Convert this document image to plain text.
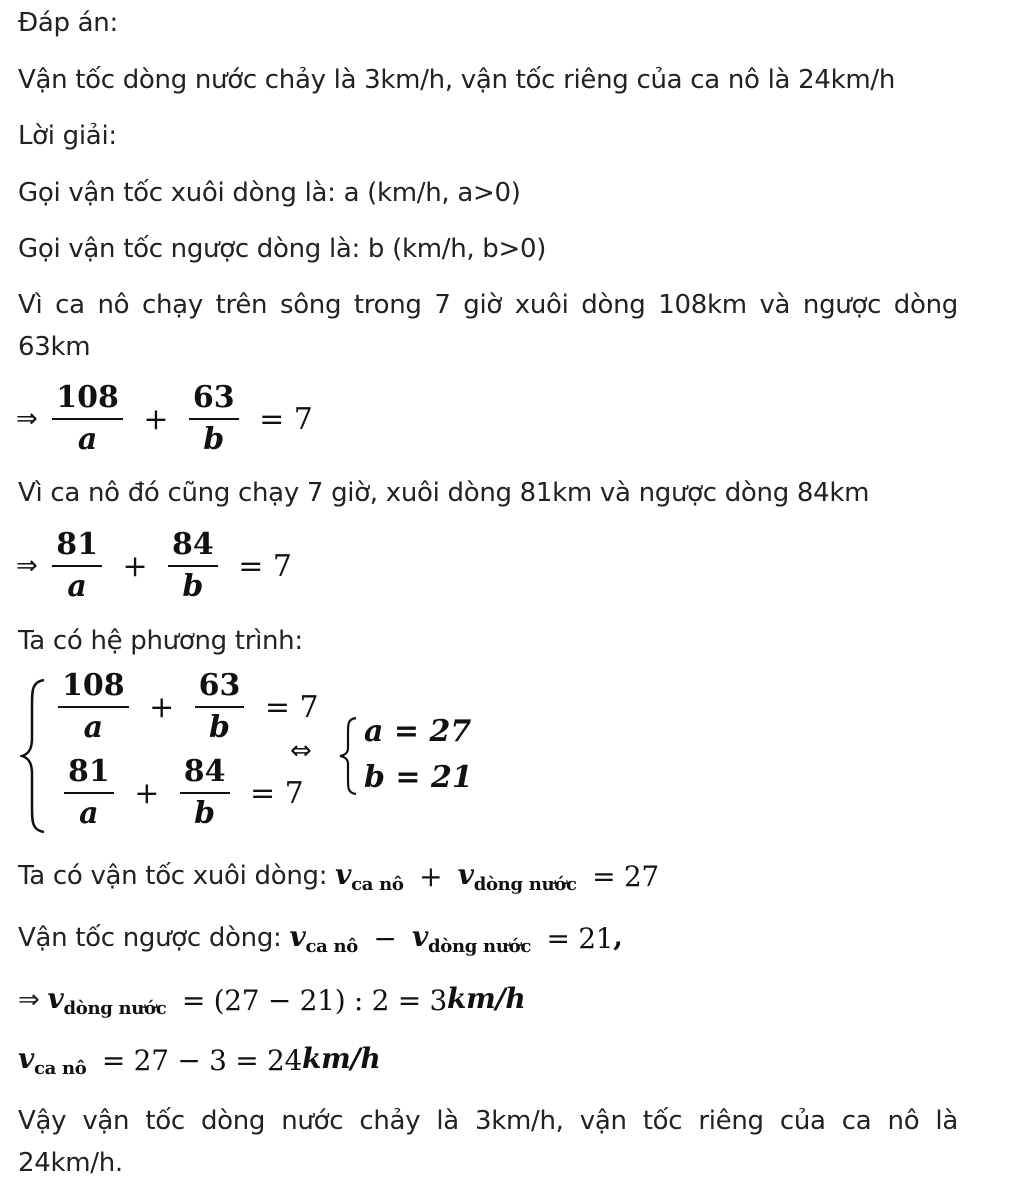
Đáp án:
Vận tốc dòng nước chảy là 3km/h, vận tốc riêng của ca nô là 24km/h
Lời giải:
Gọi vận tốc xuôi dòng là: a (km/h, a>0)
Gọi vận tốc ngược dòng là: b (km/h, b>0)
Vì ca nô chạy trên sông trong 7 giờ xuôi dòng 108km và ngược dòng
63km
⇒ $\frac{108}{a} + \frac{63}{b} = 7$
Vì ca nô đó cũng chạy 7 giờ, xuôi dòng 81km và ngược dòng 84km
⇒ $\frac{81}{a} + \frac{84}{b} = 7$
Ta có hệ phương trình:
$\frac{108}{a} + \frac{63}{b} = 7$
$\frac{81}{a} + \frac{84}{b} = 7$
⇔
a = 27
b = 21
Ta có vận tốc xuôi dòng: $v_{ca nô} + v_{dòng nước} = 27$
Vận tốc ngược dòng: $v_{ca nô} - v_{dòng nước} = 21$,
⇒ $v_{dòng nước} = (27 - 21)$ : 2 = 3km/h
$v_{ca nô} = 27 - 3 = 24km/h$
Vậy vận tốc dòng nước chảy là 3km/h, vận tốc riêng của ca nô là
24km/h.
